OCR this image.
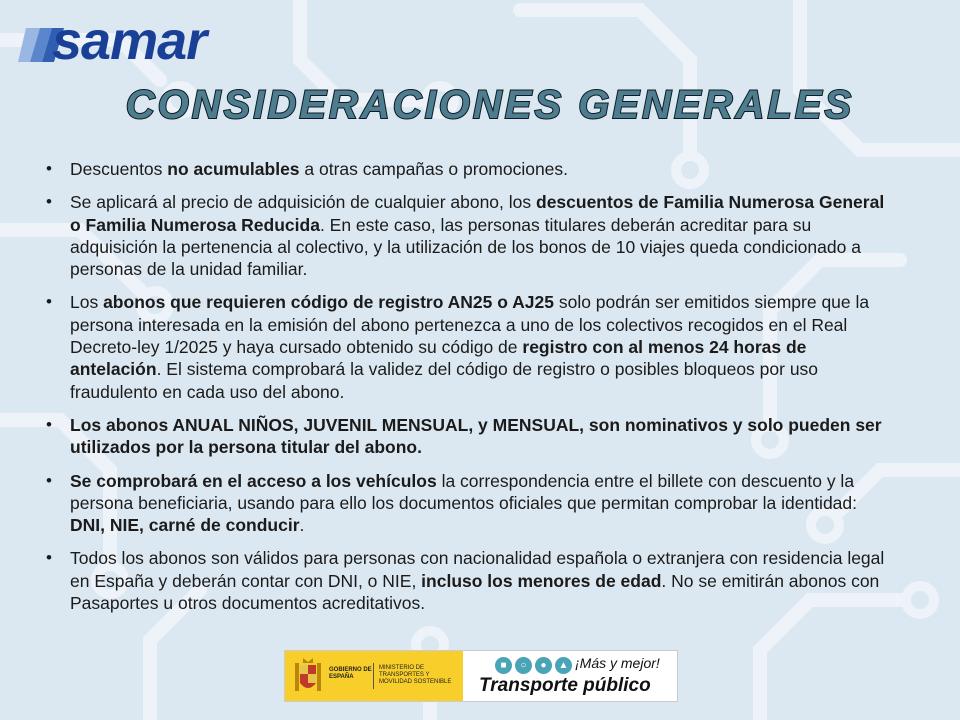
samar
CONSIDERACIONES GENERALES
• Descuentos no acumulables a otras campañas o promociones.
• Se aplicará al precio de adquisición de cualquier abono, los descuentos de Familia Numerosa General o Familia Numerosa Reducida. En este caso, las personas titulares deberán acreditar para su adquisición la pertenencia al colectivo, y la utilización de los bonos de 10 viajes queda condicionado a personas de la unidad familiar.
• Los abonos que requieren código de registro AN25 o AJ25 solo podrán ser emitidos siempre que la persona interesada en la emisión del abono pertenezca a uno de los colectivos recogidos en el Real Decreto-ley 1/2025 y haya cursado obtenido su código de registro con al menos 24 horas de antelación. El sistema comprobará la validez del código de registro o posibles bloqueos por uso fraudulento en cada uso del abono.
• Los abonos ANUAL NIÑOS, JUVENIL MENSUAL, y MENSUAL, son nominativos y solo pueden ser utilizados por la persona titular del abono.
• Se comprobará en el acceso a los vehículos la correspondencia entre el billete con descuento y la persona beneficiaria, usando para ello los documentos oficiales que permitan comprobar la identidad: DNI, NIE, carné de conducir.
• Todos los abonos son válidos para personas con nacionalidad española o extranjera con residencia legal en España y deberán contar con DNI, o NIE, incluso los menores de edad. No se emitirán abonos con Pasaportes u otros documentos acreditativos.
GOBIERNO DE ESPAÑA
MINISTERIO DE TRANSPORTES Y MOVILIDAD SOSTENIBLE
■ ○ ● ▲ ¡Más y mejor!
Transporte público
